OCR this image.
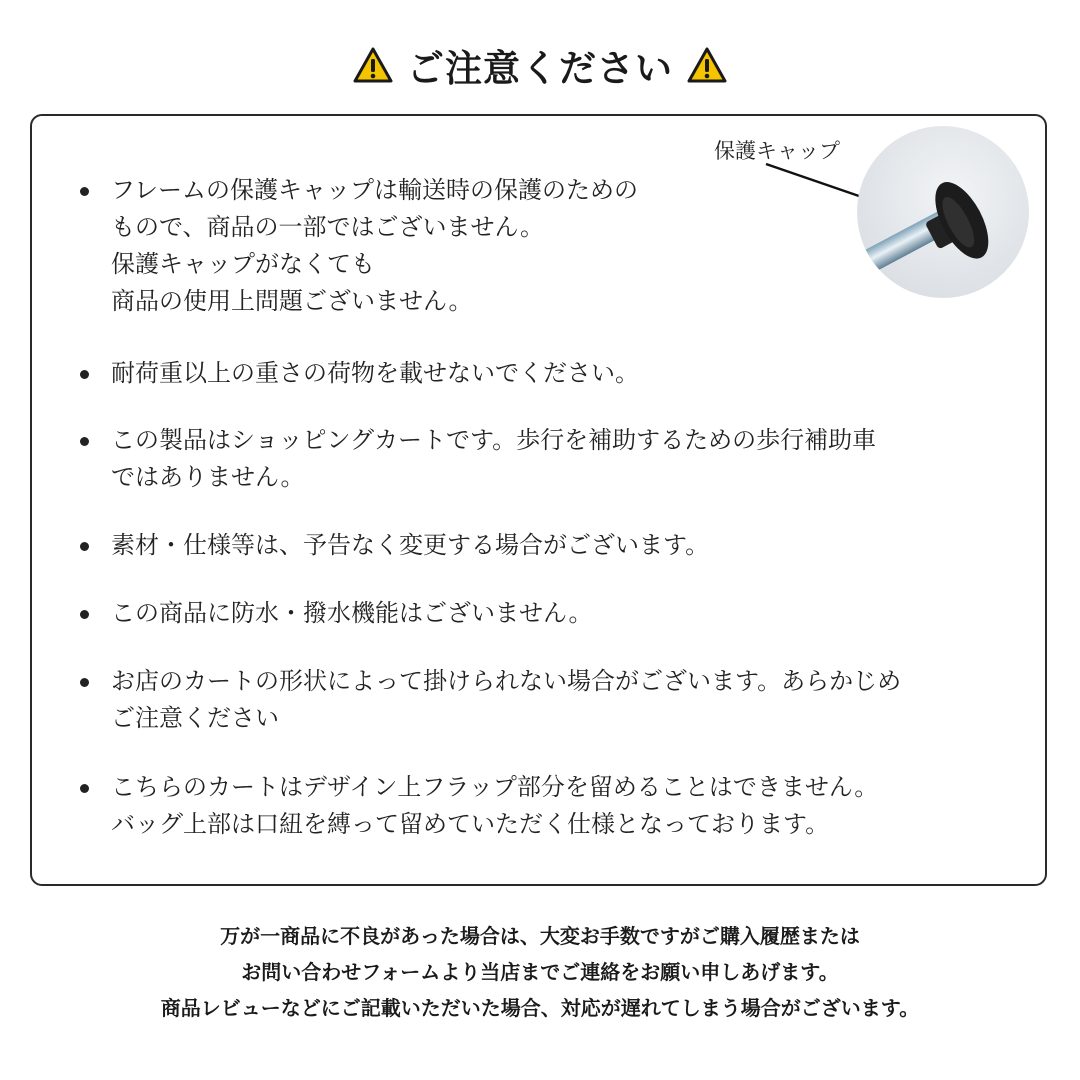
ご注意ください
フレームの保護キャップは輸送時の保護のための
もので、商品の一部ではございません。
保護キャップがなくても
商品の使用上問題ございません。
耐荷重以上の重さの荷物を載せないでください。
この製品はショッピングカートです。歩行を補助するための歩行補助車
ではありません。
素材・仕様等は、予告なく変更する場合がございます。
この商品に防水・撥水機能はございません。
お店のカートの形状によって掛けられない場合がございます。あらかじめ
ご注意ください
こちらのカートはデザイン上フラップ部分を留めることはできません。
バッグ上部は口紐を縛って留めていただく仕様となっております。
保護キャップ
万が一商品に不良があった場合は、大変お手数ですがご購入履歴または
お問い合わせフォームより当店までご連絡をお願い申しあげます。
商品レビューなどにご記載いただいた場合、対応が遅れてしまう場合がございます。
